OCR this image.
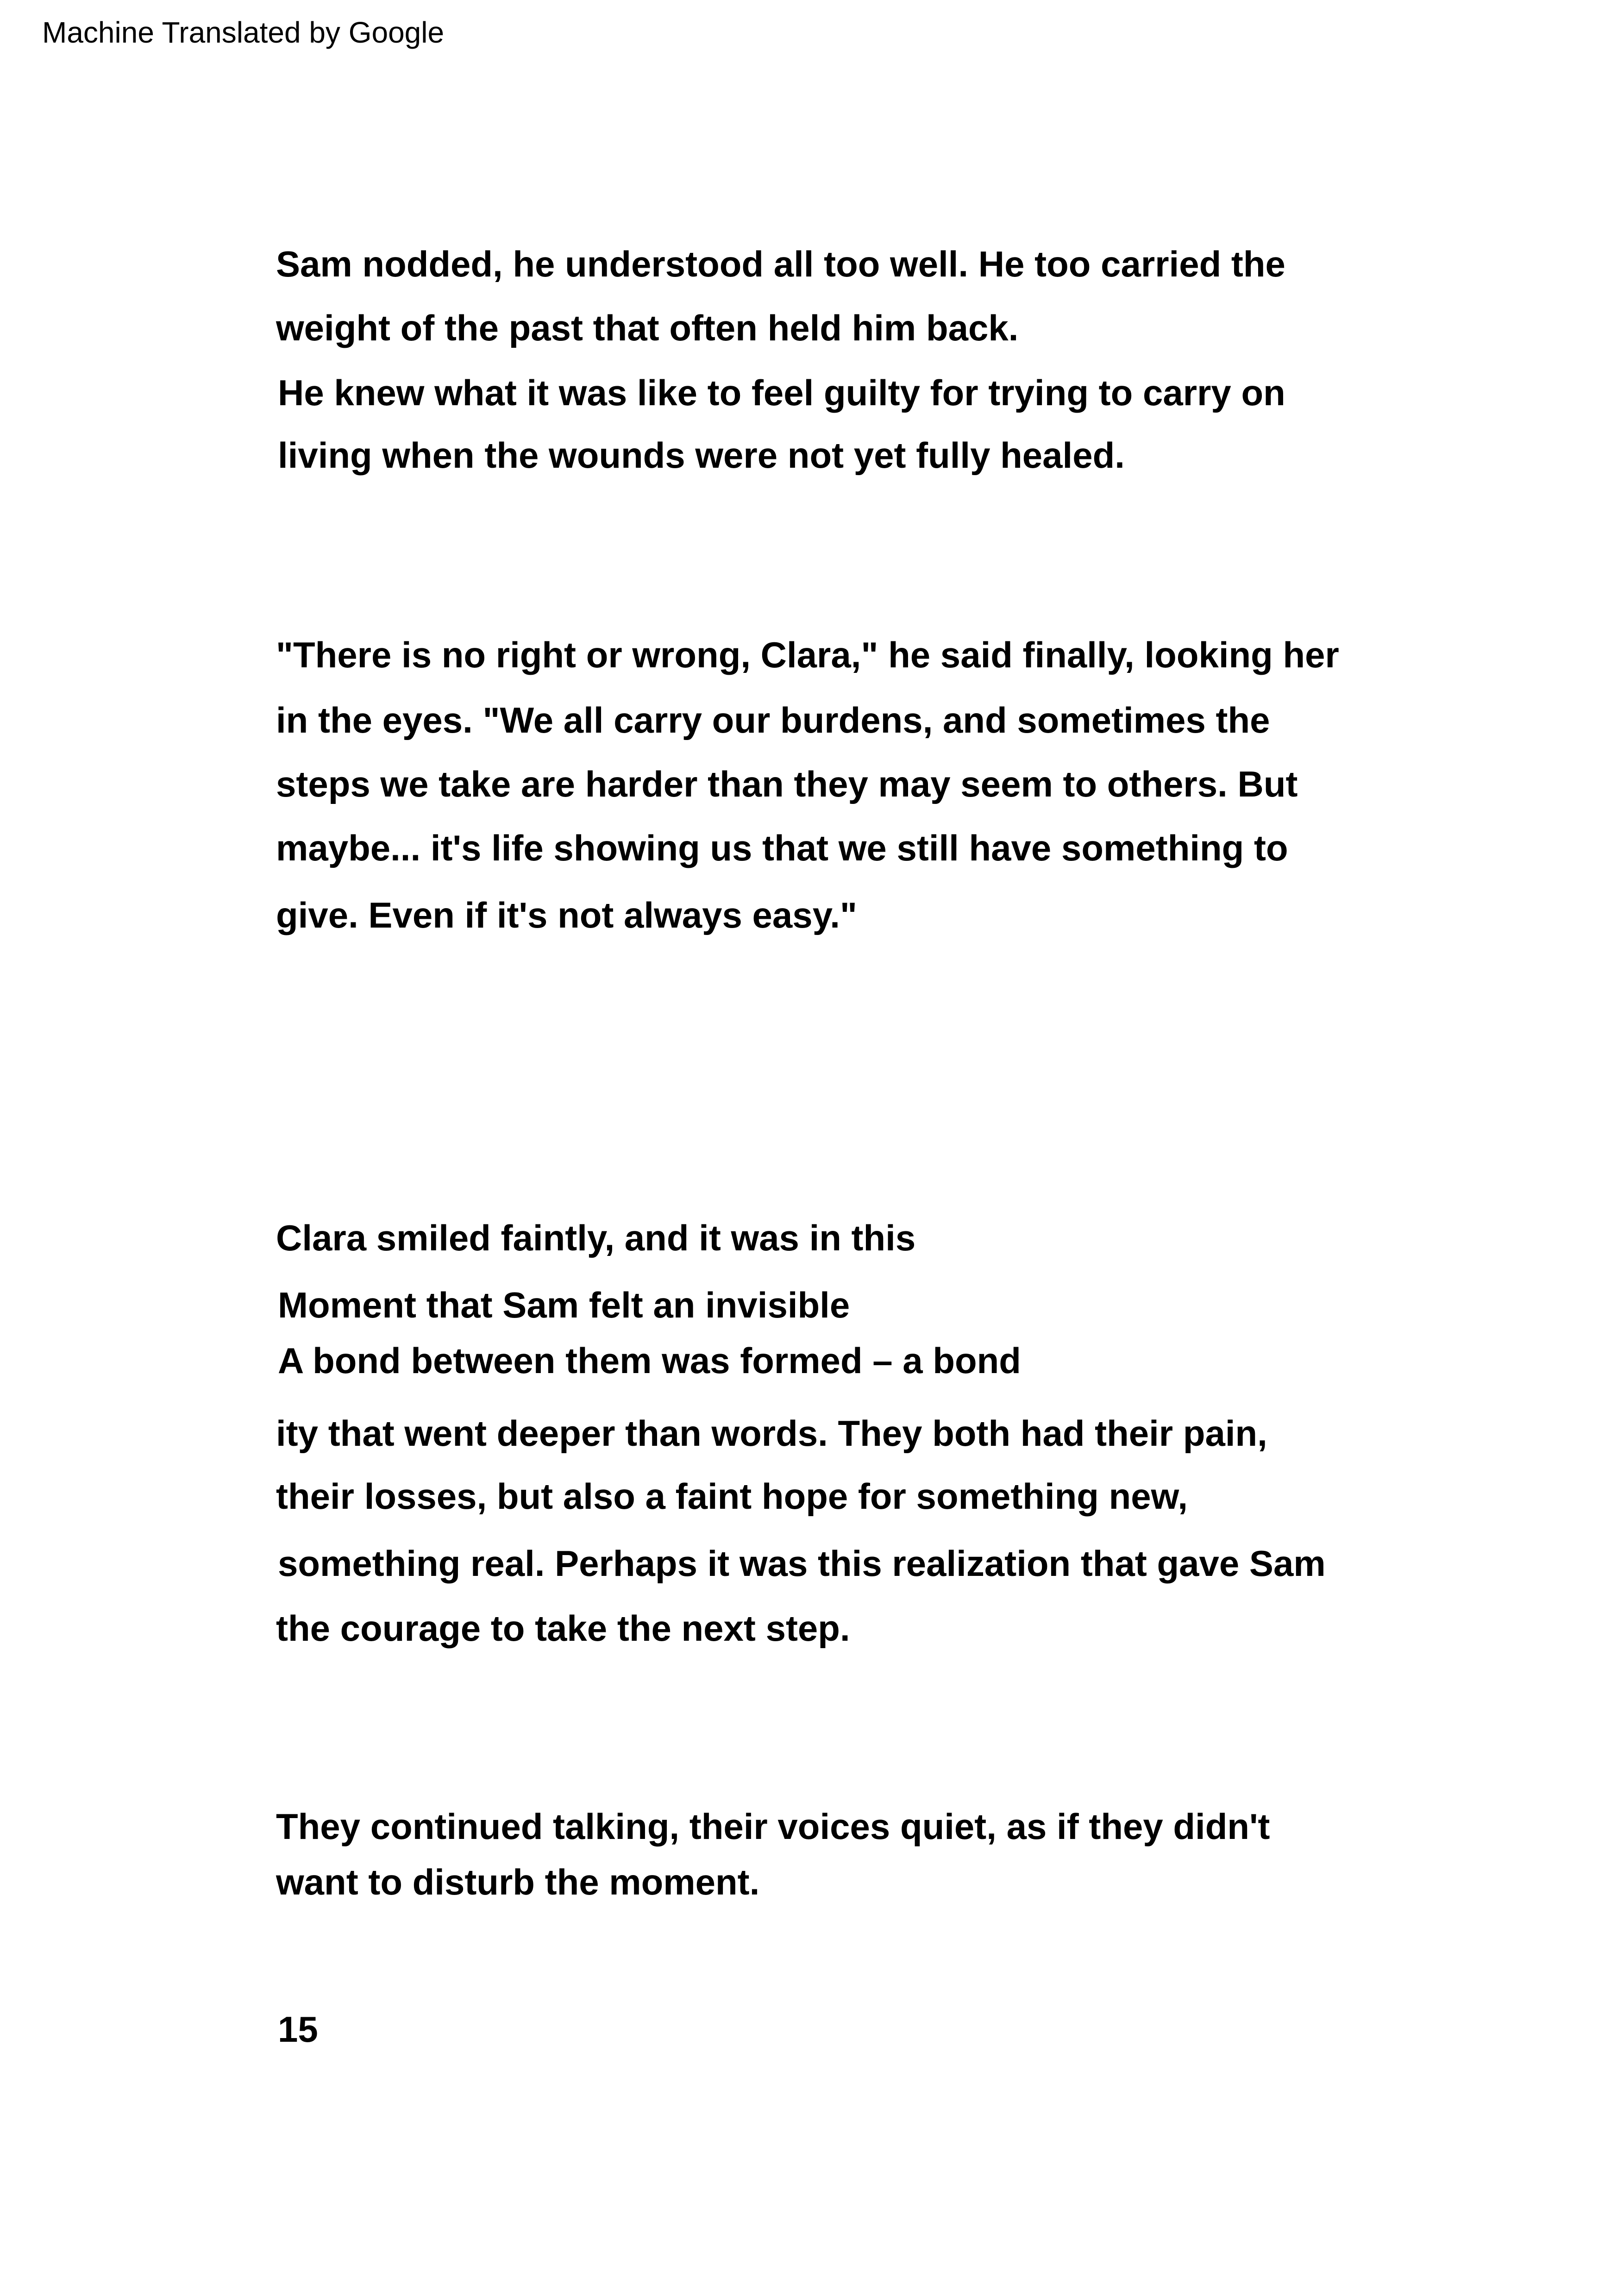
Machine Translated by Google
Sam nodded, he understood all too well. He too carried the
weight of the past that often held him back.
He knew what it was like to feel guilty for trying to carry on
living when the wounds were not yet fully healed.
"There is no right or wrong, Clara," he said finally, looking her
in the eyes. "We all carry our burdens, and sometimes the
steps we take are harder than they may seem to others. But
maybe... it's life showing us that we still have something to
give. Even if it's not always easy."
Clara smiled faintly, and it was in this
Moment that Sam felt an invisible
A bond between them was formed – a bond
ity that went deeper than words. They both had their pain,
their losses, but also a faint hope for something new,
something real. Perhaps it was this realization that gave Sam
the courage to take the next step.
They continued talking, their voices quiet, as if they didn't
want to disturb the moment.
15
